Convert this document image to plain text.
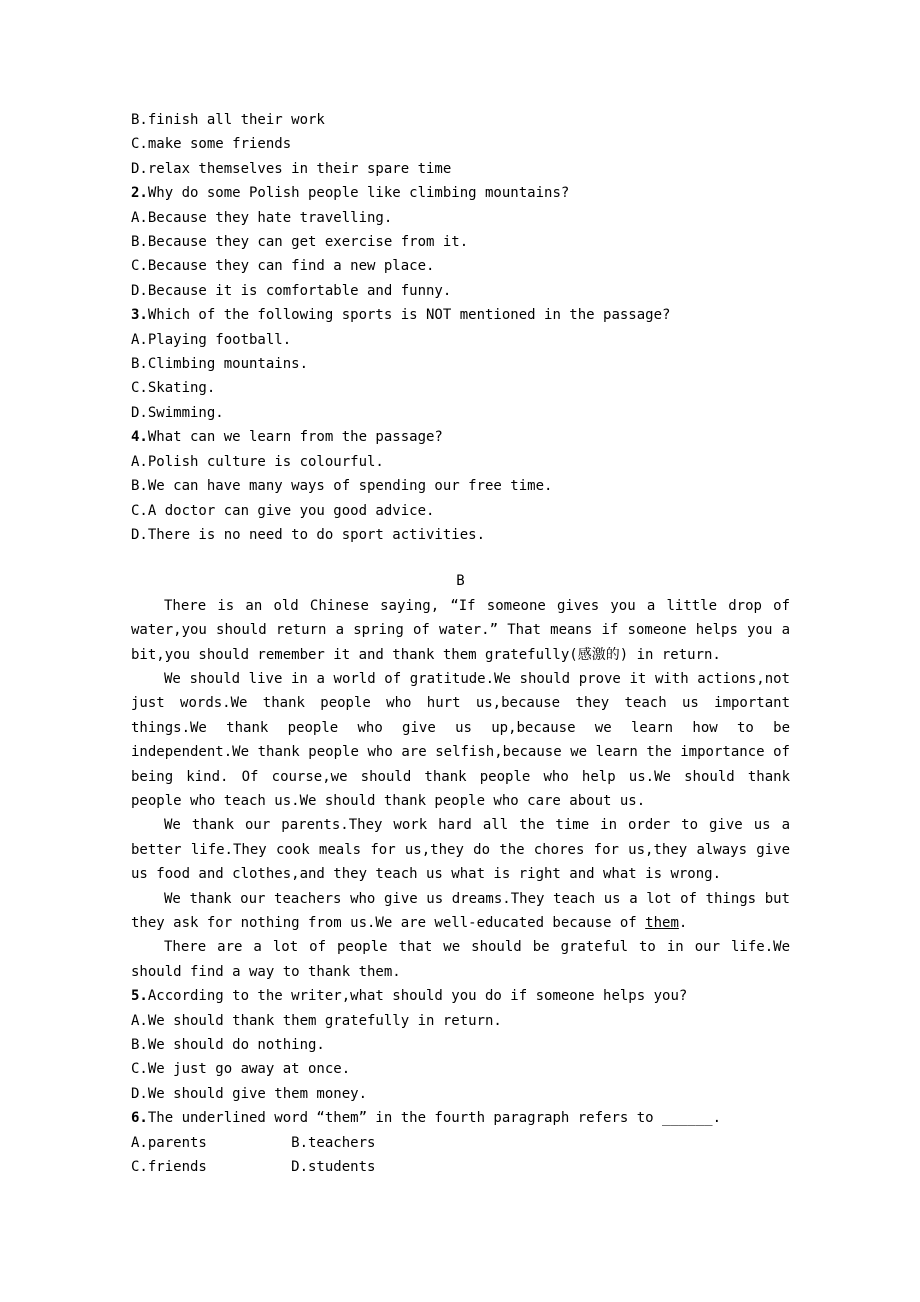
B.finish all their work

C.make some friends

D.relax themselves in their spare time

2.Why do some Polish people like climbing mountains?

A.Because they hate travelling.

B.Because they can get exercise from it.

C.Because they can find a new place.

D.Because it is comfortable and funny.

3.Which of the following sports is NOT mentioned in the passage?

A.Playing football.

B.Climbing mountains.

C.Skating.

D.Swimming.

4.What can we learn from the passage?

A.Polish culture is colourful.

B.We can have many ways of spending our free time.

C.A doctor can give you good advice.

D.There is no need to do sport activities.

B

There is an old Chinese saying, “If someone gives you a little drop of water,you should return a spring of water.” That means if someone helps you a bit,you should remember it and thank them gratefully(感激的) in return.

We should live in a world of gratitude.We should prove it with actions,not just words.We thank people who hurt us,because they teach us important things.We thank people who give us up,because we learn how to be independent.We thank people who are selfish,because we learn the importance of being kind. Of course,we should thank people who help us.We should thank people who teach us.We should thank people who care about us.

We thank our parents.They work hard all the time in order to give us a better life.They cook meals for us,they do the chores for us,they always give us food and clothes,and they teach us what is right and what is wrong.

We thank our teachers who give us dreams.They teach us a lot of things but they ask for nothing from us.We are well-educated because of them.

There are a lot of people that we should be grateful to in our life.We should find a way to thank them.

5.According to the writer,what should you do if someone helps you?

A.We should thank them gratefully in return.

B.We should do nothing.

C.We just go away at once.

D.We should give them money.

6.The underlined word “them” in the fourth paragraph refers to ______.

A.parents          B.teachers

C.friends          D.students
